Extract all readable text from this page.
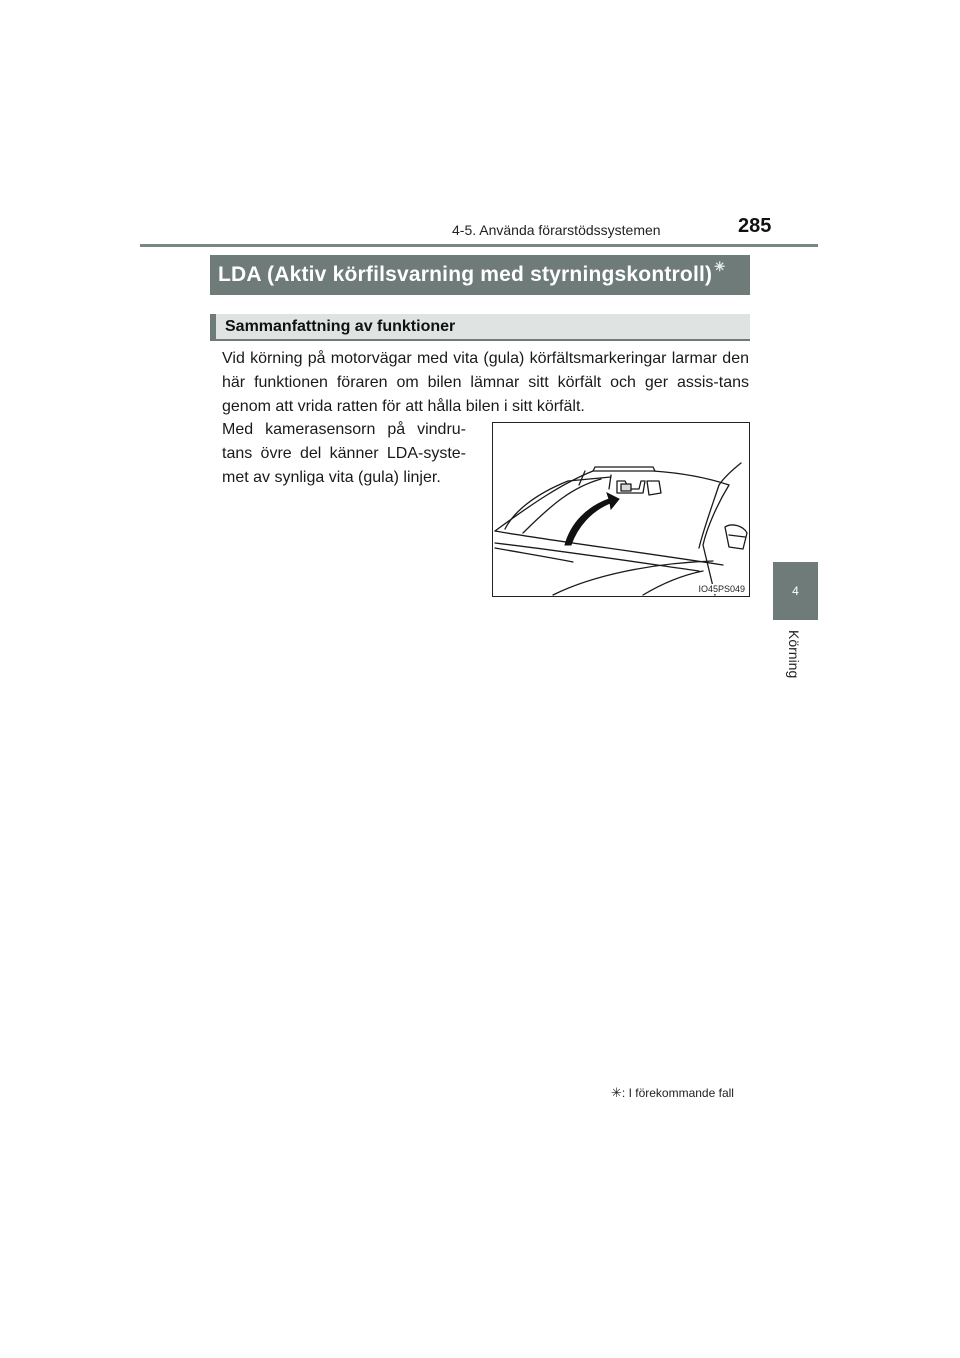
4-5. Använda förarstödssystemen	285
4
Körning
LDA (Aktiv körfilsvarning med styrningskontroll) ✳
Sammanfattning av funktioner
Vid körning på motorvägar med vita (gula) körfältsmarkeringar larmar den här funktionen föraren om bilen lämnar sitt körfält och ger assis-tans genom att vrida ratten för att hålla bilen i sitt körfält.
Med kamerasensorn på vindru-tans övre del känner LDA-syste-met av synliga vita (gula) linjer.
IO45PS049
✳: I förekommande fall
